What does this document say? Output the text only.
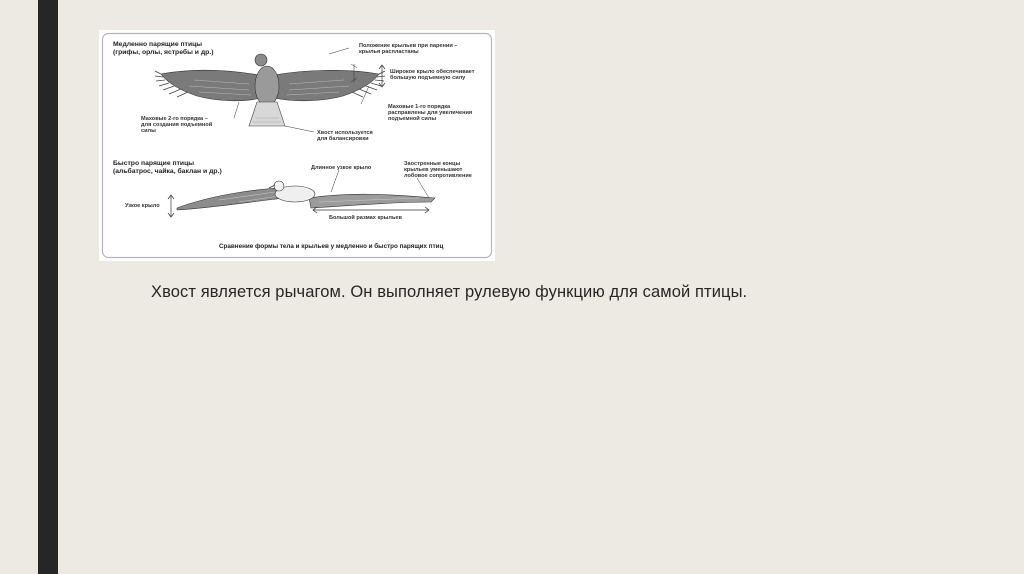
Медленно парящие птицы
(грифы, орлы, ястребы и др.)
Положение крыльев при парении –
крылья распластаны
Широкое крыло обеспечивает
большую подъемную силу
Маховые 1-го порядка
расправлены для увеличения
подъемной силы
Маховые 2-го порядка –
для создания подъемной
силы	Хвост используется
для балансировки
Быстро парящие птицы
(альбатрос, чайка, баклан и др.)	Длинное узкое крыло
Заостренные концы
крыльев уменьшают
лобовое сопротивление
Узкое крыло
Большой размах крыльев
Сравнение формы тела и крыльев у медленно и быстро парящих птиц
Хвост является рычагом. Он выполняет рулевую функцию для самой птицы.
